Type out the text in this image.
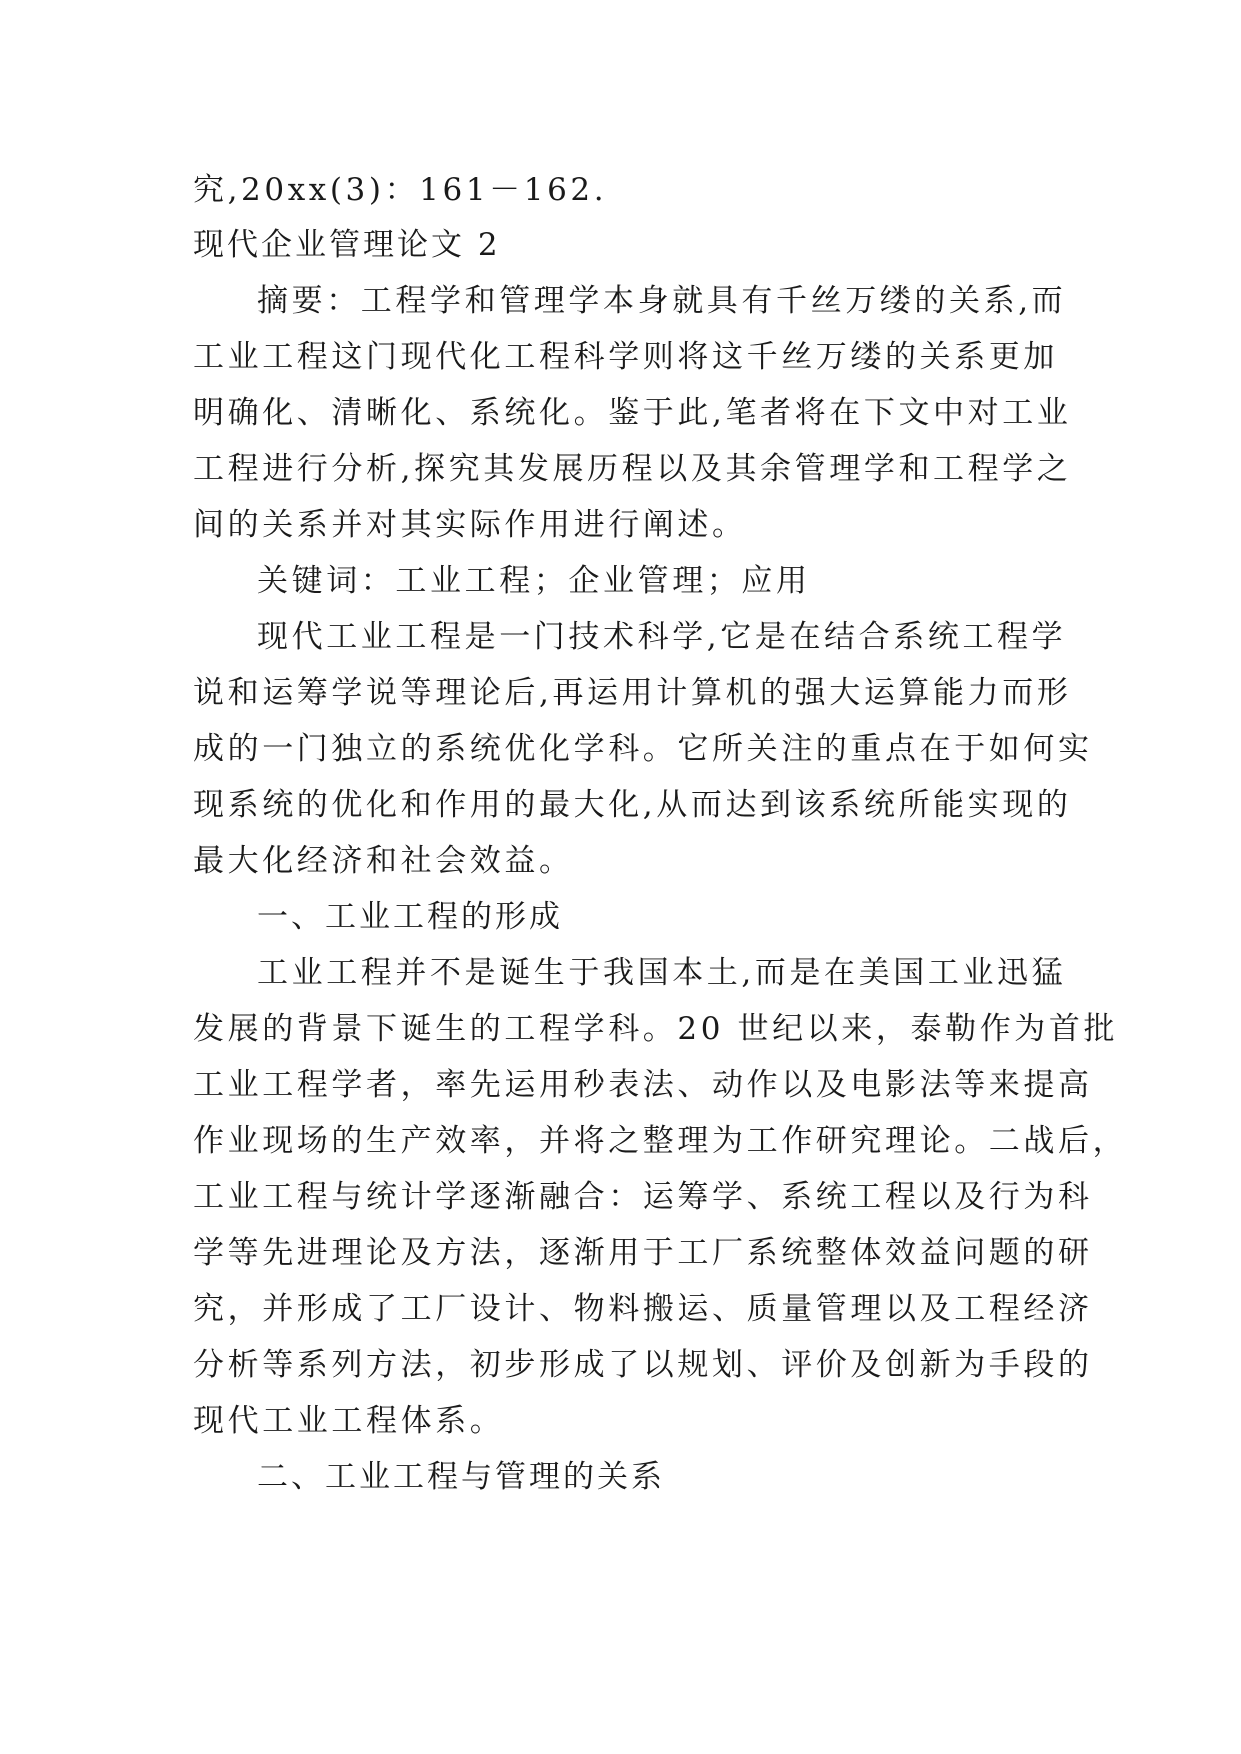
究,20xx(3)：161－162.
现代企业管理论文 2
摘要：工程学和管理学本身就具有千丝万缕的关系,而
工业工程这门现代化工程科学则将这千丝万缕的关系更加
明确化、清晰化、系统化。鉴于此,笔者将在下文中对工业
工程进行分析,探究其发展历程以及其余管理学和工程学之
间的关系并对其实际作用进行阐述。
关键词：工业工程；企业管理；应用
现代工业工程是一门技术科学,它是在结合系统工程学
说和运筹学说等理论后,再运用计算机的强大运算能力而形
成的一门独立的系统优化学科。它所关注的重点在于如何实
现系统的优化和作用的最大化,从而达到该系统所能实现的
最大化经济和社会效益。
一、工业工程的形成
工业工程并不是诞生于我国本土,而是在美国工业迅猛
发展的背景下诞生的工程学科。20 世纪以来，泰勒作为首批
工业工程学者，率先运用秒表法、动作以及电影法等来提高
作业现场的生产效率，并将之整理为工作研究理论。二战后，
工业工程与统计学逐渐融合：运筹学、系统工程以及行为科
学等先进理论及方法，逐渐用于工厂系统整体效益问题的研
究，并形成了工厂设计、物料搬运、质量管理以及工程经济
分析等系列方法，初步形成了以规划、评价及创新为手段的
现代工业工程体系。
二、工业工程与管理的关系
